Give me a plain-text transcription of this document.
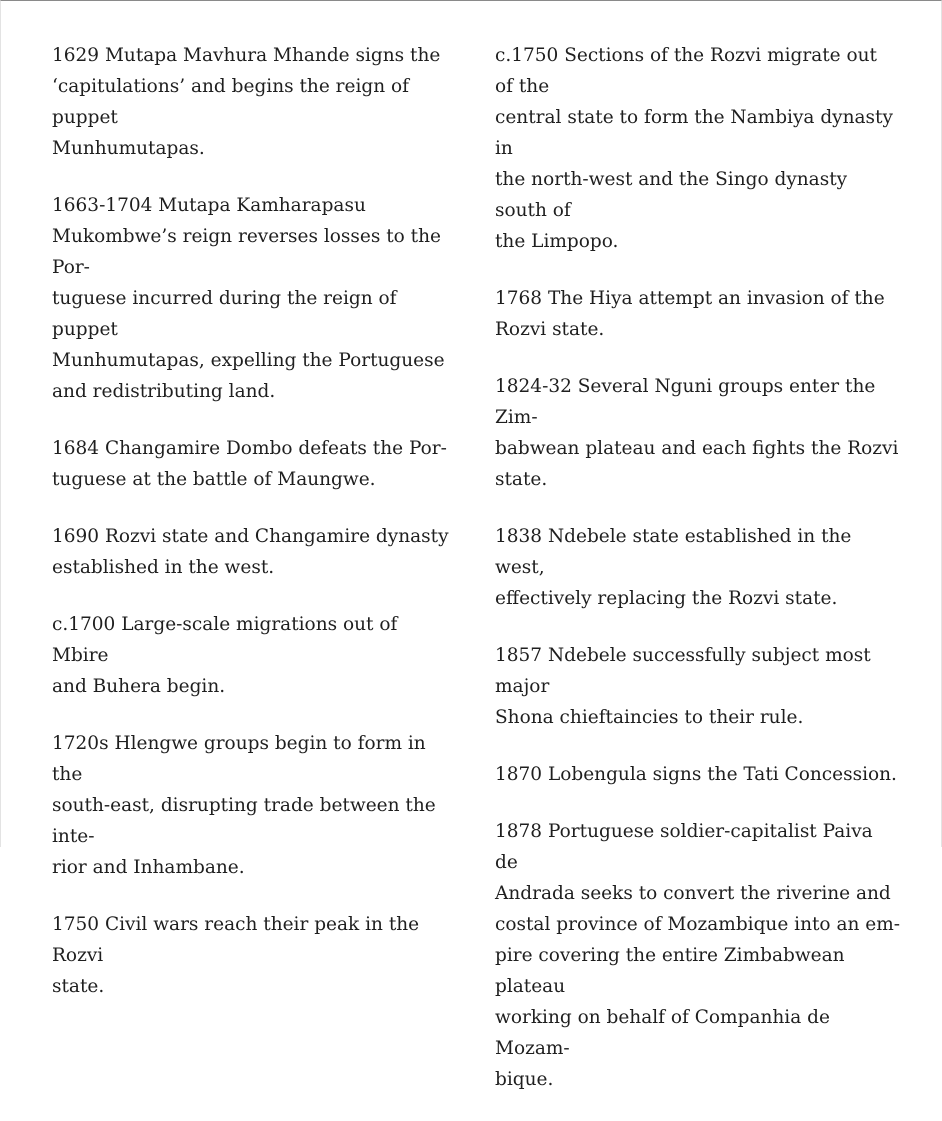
1629 Mutapa Mavhura Mhande signs the
‘capitulations’ and begins the reign of puppet
Munhumutapas.

1663-1704 Mutapa Kamharapasu
Mukombwe’s reign reverses losses to the Por-
tuguese incurred during the reign of puppet
Munhumutapas, expelling the Portuguese
and redistributing land.

1684 Changamire Dombo defeats the Por-
tuguese at the battle of Maungwe.

1690 Rozvi state and Changamire dynasty
established in the west.

c.1700 Large-scale migrations out of Mbire
and Buhera begin.

1720s Hlengwe groups begin to form in the
south-east, disrupting trade between the inte-
rior and Inhambane.

1750 Civil wars reach their peak in the Rozvi
state.

c.1750 Sections of the Rozvi migrate out of the
central state to form the Nambiya dynasty in
the north-west and the Singo dynasty south of
the Limpopo.

1768 The Hiya attempt an invasion of the
Rozvi state.

1824-32 Several Nguni groups enter the Zim-
babwean plateau and each fights the Rozvi
state.

1838 Ndebele state established in the west,
effectively replacing the Rozvi state.

1857 Ndebele successfully subject most major
Shona chieftaincies to their rule.

1870 Lobengula signs the Tati Concession.

1878 Portuguese soldier-capitalist Paiva de
Andrada seeks to convert the riverine and
costal province of Mozambique into an em-
pire covering the entire Zimbabwean plateau
working on behalf of Companhia de Mozam-
bique.
